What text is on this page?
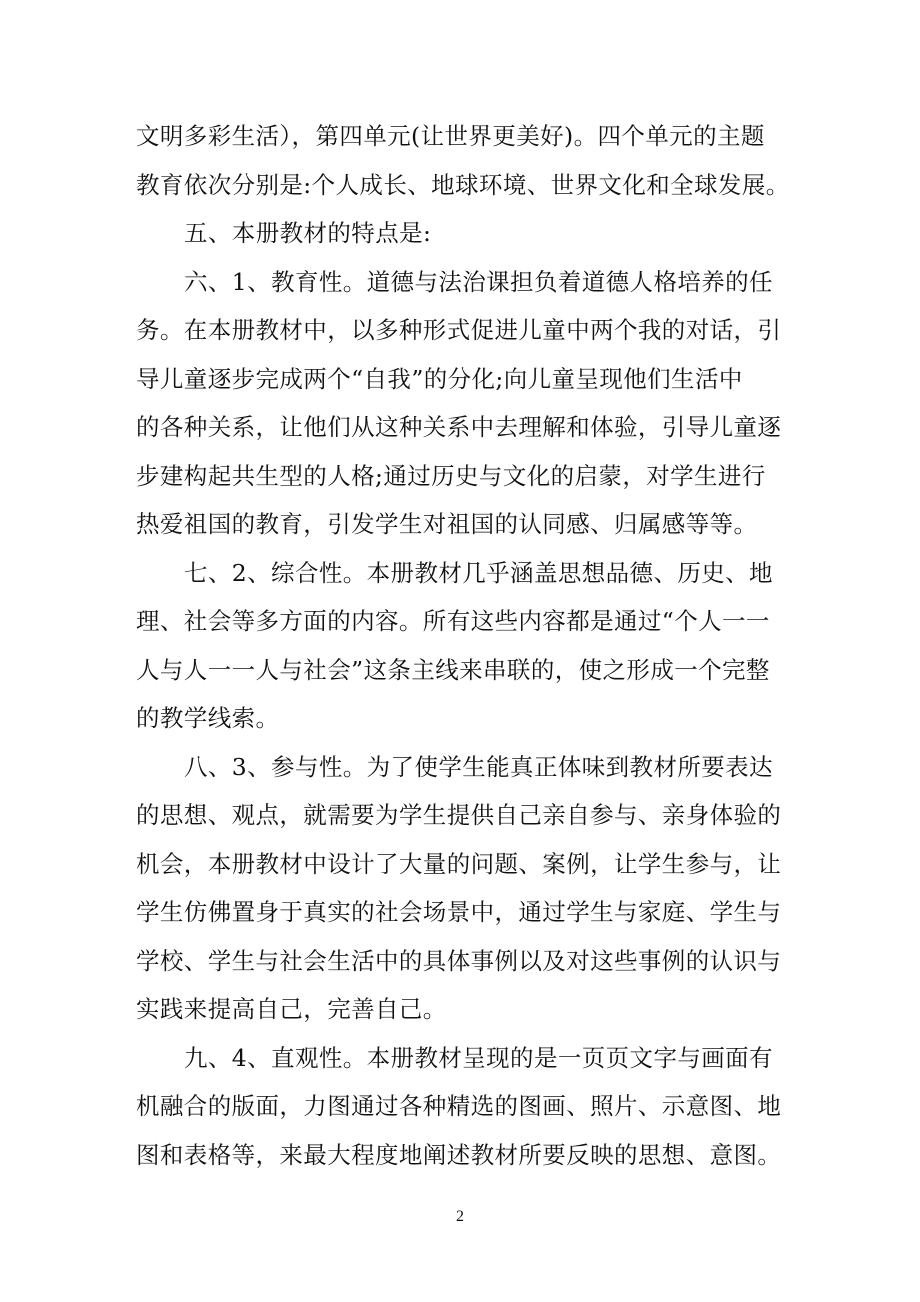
文明多彩生活），第四单元(让世界更美好)。四个单元的主题
教育依次分别是:个人成长、地球环境、世界文化和全球发展。
五、本册教材的特点是:
六、1、教育性。道德与法治课担负着道德人格培养的任
务。在本册教材中，以多种形式促进儿童中两个我的对话，引
导儿童逐步完成两个“自我”的分化;向儿童呈现他们生活中
的各种关系，让他们从这种关系中去理解和体验，引导儿童逐
步建构起共生型的人格;通过历史与文化的启蒙，对学生进行
热爱祖国的教育，引发学生对祖国的认同感、归属感等等。
七、2、综合性。本册教材几乎涵盖思想品德、历史、地
理、社会等多方面的内容。所有这些内容都是通过“个人一一
人与人一一人与社会”这条主线来串联的，使之形成一个完整
的教学线索。
八、3、参与性。为了使学生能真正体味到教材所要表达
的思想、观点，就需要为学生提供自己亲自参与、亲身体验的
机会，本册教材中设计了大量的问题、案例，让学生参与，让
学生仿佛置身于真实的社会场景中，通过学生与家庭、学生与
学校、学生与社会生活中的具体事例以及对这些事例的认识与
实践来提高自己，完善自己。
九、4、直观性。本册教材呈现的是一页页文字与画面有
机融合的版面，力图通过各种精选的图画、照片、示意图、地
图和表格等，来最大程度地阐述教材所要反映的思想、意图。
2
